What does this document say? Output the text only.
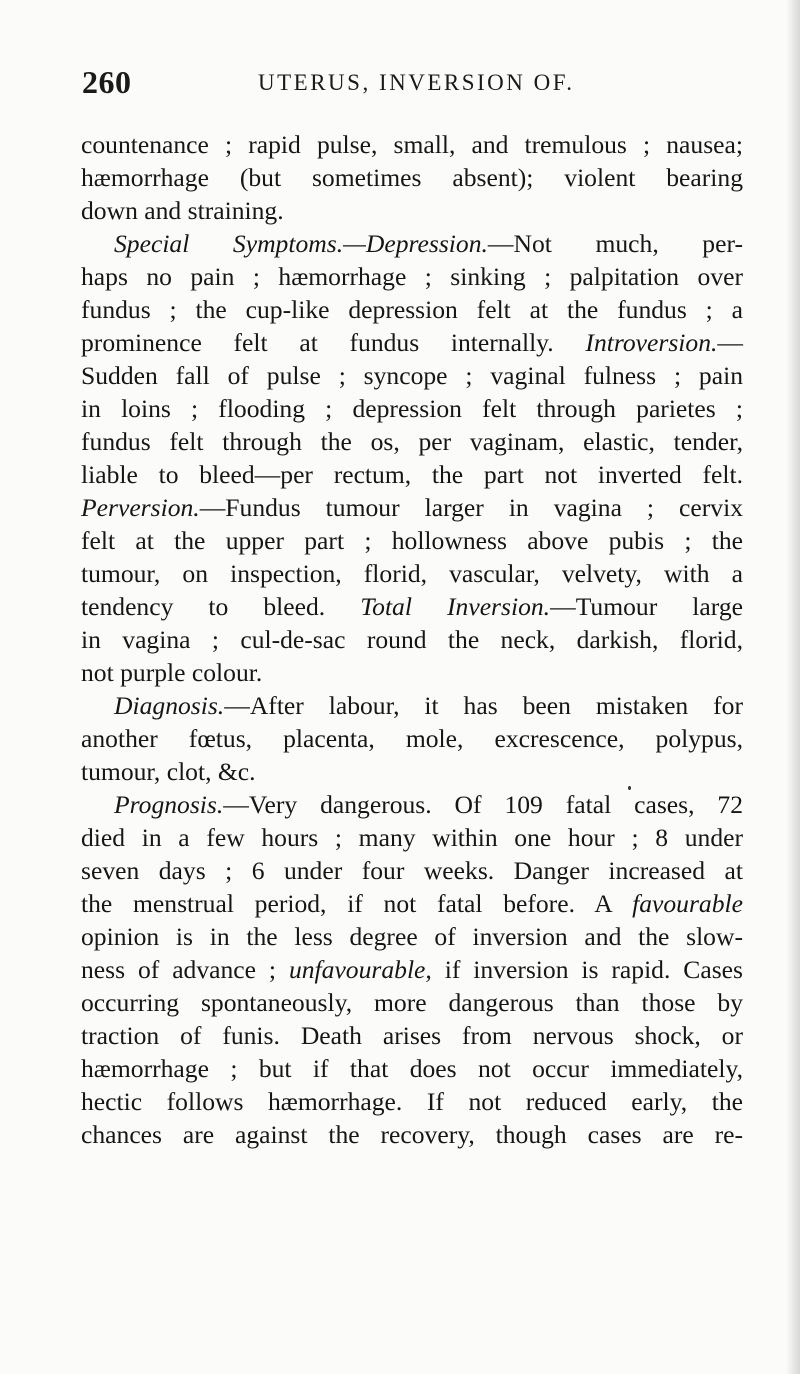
260	UTERUS, INVERSION OF.
countenance ; rapid pulse, small, and tremulous ; nausea;
hæmorrhage (but sometimes absent); violent bearing
down and straining.
Special Symptoms.—Depression.—Not much, per-
haps no pain ; hæmorrhage ; sinking ; palpitation over
fundus ; the cup-like depression felt at the fundus ; a
prominence felt at fundus internally. Introversion.—
Sudden fall of pulse ; syncope ; vaginal fulness ; pain
in loins ; flooding ; depression felt through parietes ;
fundus felt through the os, per vaginam, elastic, tender,
liable to bleed—per rectum, the part not inverted felt.
Perversion.—Fundus tumour larger in vagina ; cervix
felt at the upper part ; hollowness above pubis ; the
tumour, on inspection, florid, vascular, velvety, with a
tendency to bleed. Total Inversion.—Tumour large
in vagina ; cul-de-sac round the neck, darkish, florid,
not purple colour.
Diagnosis.—After labour, it has been mistaken for
another fœtus, placenta, mole, excrescence, polypus,
tumour, clot, &c.
Prognosis.—Very dangerous. Of 109 fatal cases, 72
died in a few hours ; many within one hour ; 8 under
seven days ; 6 under four weeks. Danger increased at
the menstrual period, if not fatal before. A favourable
opinion is in the less degree of inversion and the slow-
ness of advance ; unfavourable, if inversion is rapid. Cases
occurring spontaneously, more dangerous than those by
traction of funis. Death arises from nervous shock, or
hæmorrhage ; but if that does not occur immediately,
hectic follows hæmorrhage. If not reduced early, the
chances are against the recovery, though cases are re-
